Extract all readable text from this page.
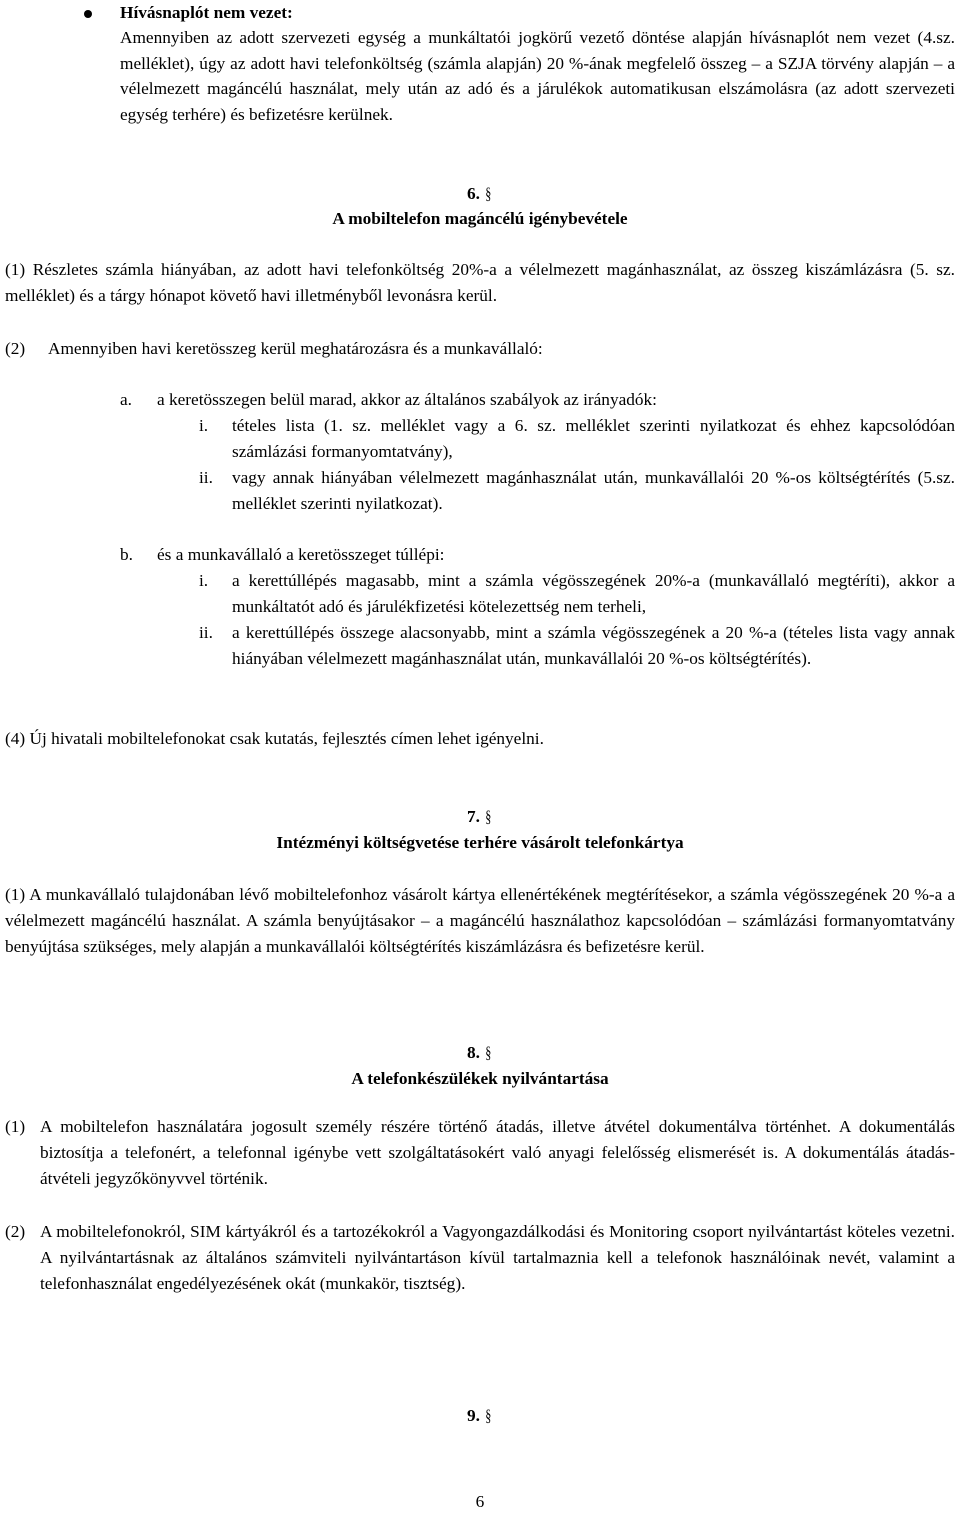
Hívásnaplót nem vezet:
Amennyiben az adott szervezeti egység a munkáltatói jogkörű vezető döntése alapján hívásnaplót nem vezet (4.sz. melléklet), úgy az adott havi telefonköltség (számla alapján) 20 %-ának megfelelő összeg – a SZJA törvény alapján – a vélelmezett magáncélú használat, mely után az adó és a járulékok automatikusan elszámolásra (az adott szervezeti egység terhére) és befizetésre kerülnek.
6. §
A mobiltelefon magáncélú igénybevétele
(1) Részletes számla hiányában, az adott havi telefonköltség 20%-a a vélelmezett magánhasználat, az összeg kiszámlázásra (5. sz. melléklet) és a tárgy hónapot követő havi illetményből levonásra kerül.
(2) Amennyiben havi keretösszeg kerül meghatározásra és a munkavállaló:
a. a keretösszegen belül marad, akkor az általános szabályok az irányadók:
i. tételes lista (1. sz. melléklet vagy a 6. sz. melléklet szerinti nyilatkozat és ehhez kapcsolódóan számlázási formanyomtatvány),
ii. vagy annak hiányában vélelmezett magánhasználat után, munkavállalói 20 %-os költségtérítés (5.sz. melléklet szerinti nyilatkozat).
b. és a munkavállaló a keretösszeget túllépi:
i. a kerettúllépés magasabb, mint a számla végösszegének 20%-a (munkavállaló megtéríti), akkor a munkáltatót adó és járulékfizetési kötelezettség nem terheli,
ii. a kerettúllépés összege alacsonyabb, mint a számla végösszegének a 20 %-a (tételes lista vagy annak hiányában vélelmezett magánhasználat után, munkavállalói 20 %-os költségtérítés).
(4) Új hivatali mobiltelefonokat csak kutatás, fejlesztés címen lehet igényelni.
7. §
Intézményi költségvetése terhére vásárolt telefonkártya
(1) A munkavállaló tulajdonában lévő mobiltelefonhoz vásárolt kártya ellenértékének megtérítésekor, a számla végösszegének 20 %-a a vélelmezett magáncélú használat. A számla benyújtásakor – a magáncélú használathoz kapcsolódóan – számlázási formanyomtatvány benyújtása szükséges, mely alapján a munkavállalói költségtérítés kiszámlázásra és befizetésre kerül.
8. §
A telefonkészülékek nyilvántartása
(1) A mobiltelefon használatára jogosult személy részére történő átadás, illetve átvétel dokumentálva történhet. A dokumentálás biztosítja a telefonért, a telefonnal igénybe vett szolgáltatásokért való anyagi felelősség elismerését is. A dokumentálás átadás-átvételi jegyzőkönyvvel történik.
(2) A mobiltelefonokról, SIM kártyákról és a tartozékokról a Vagyongazdálkodási és Monitoring csoport nyilvántartást köteles vezetni. A nyilvántartásnak az általános számviteli nyilvántartáson kívül tartalmaznia kell a telefonok használóinak nevét, valamint a telefonhasználat engedélyezésének okát (munkakör, tisztség).
9. §
6
